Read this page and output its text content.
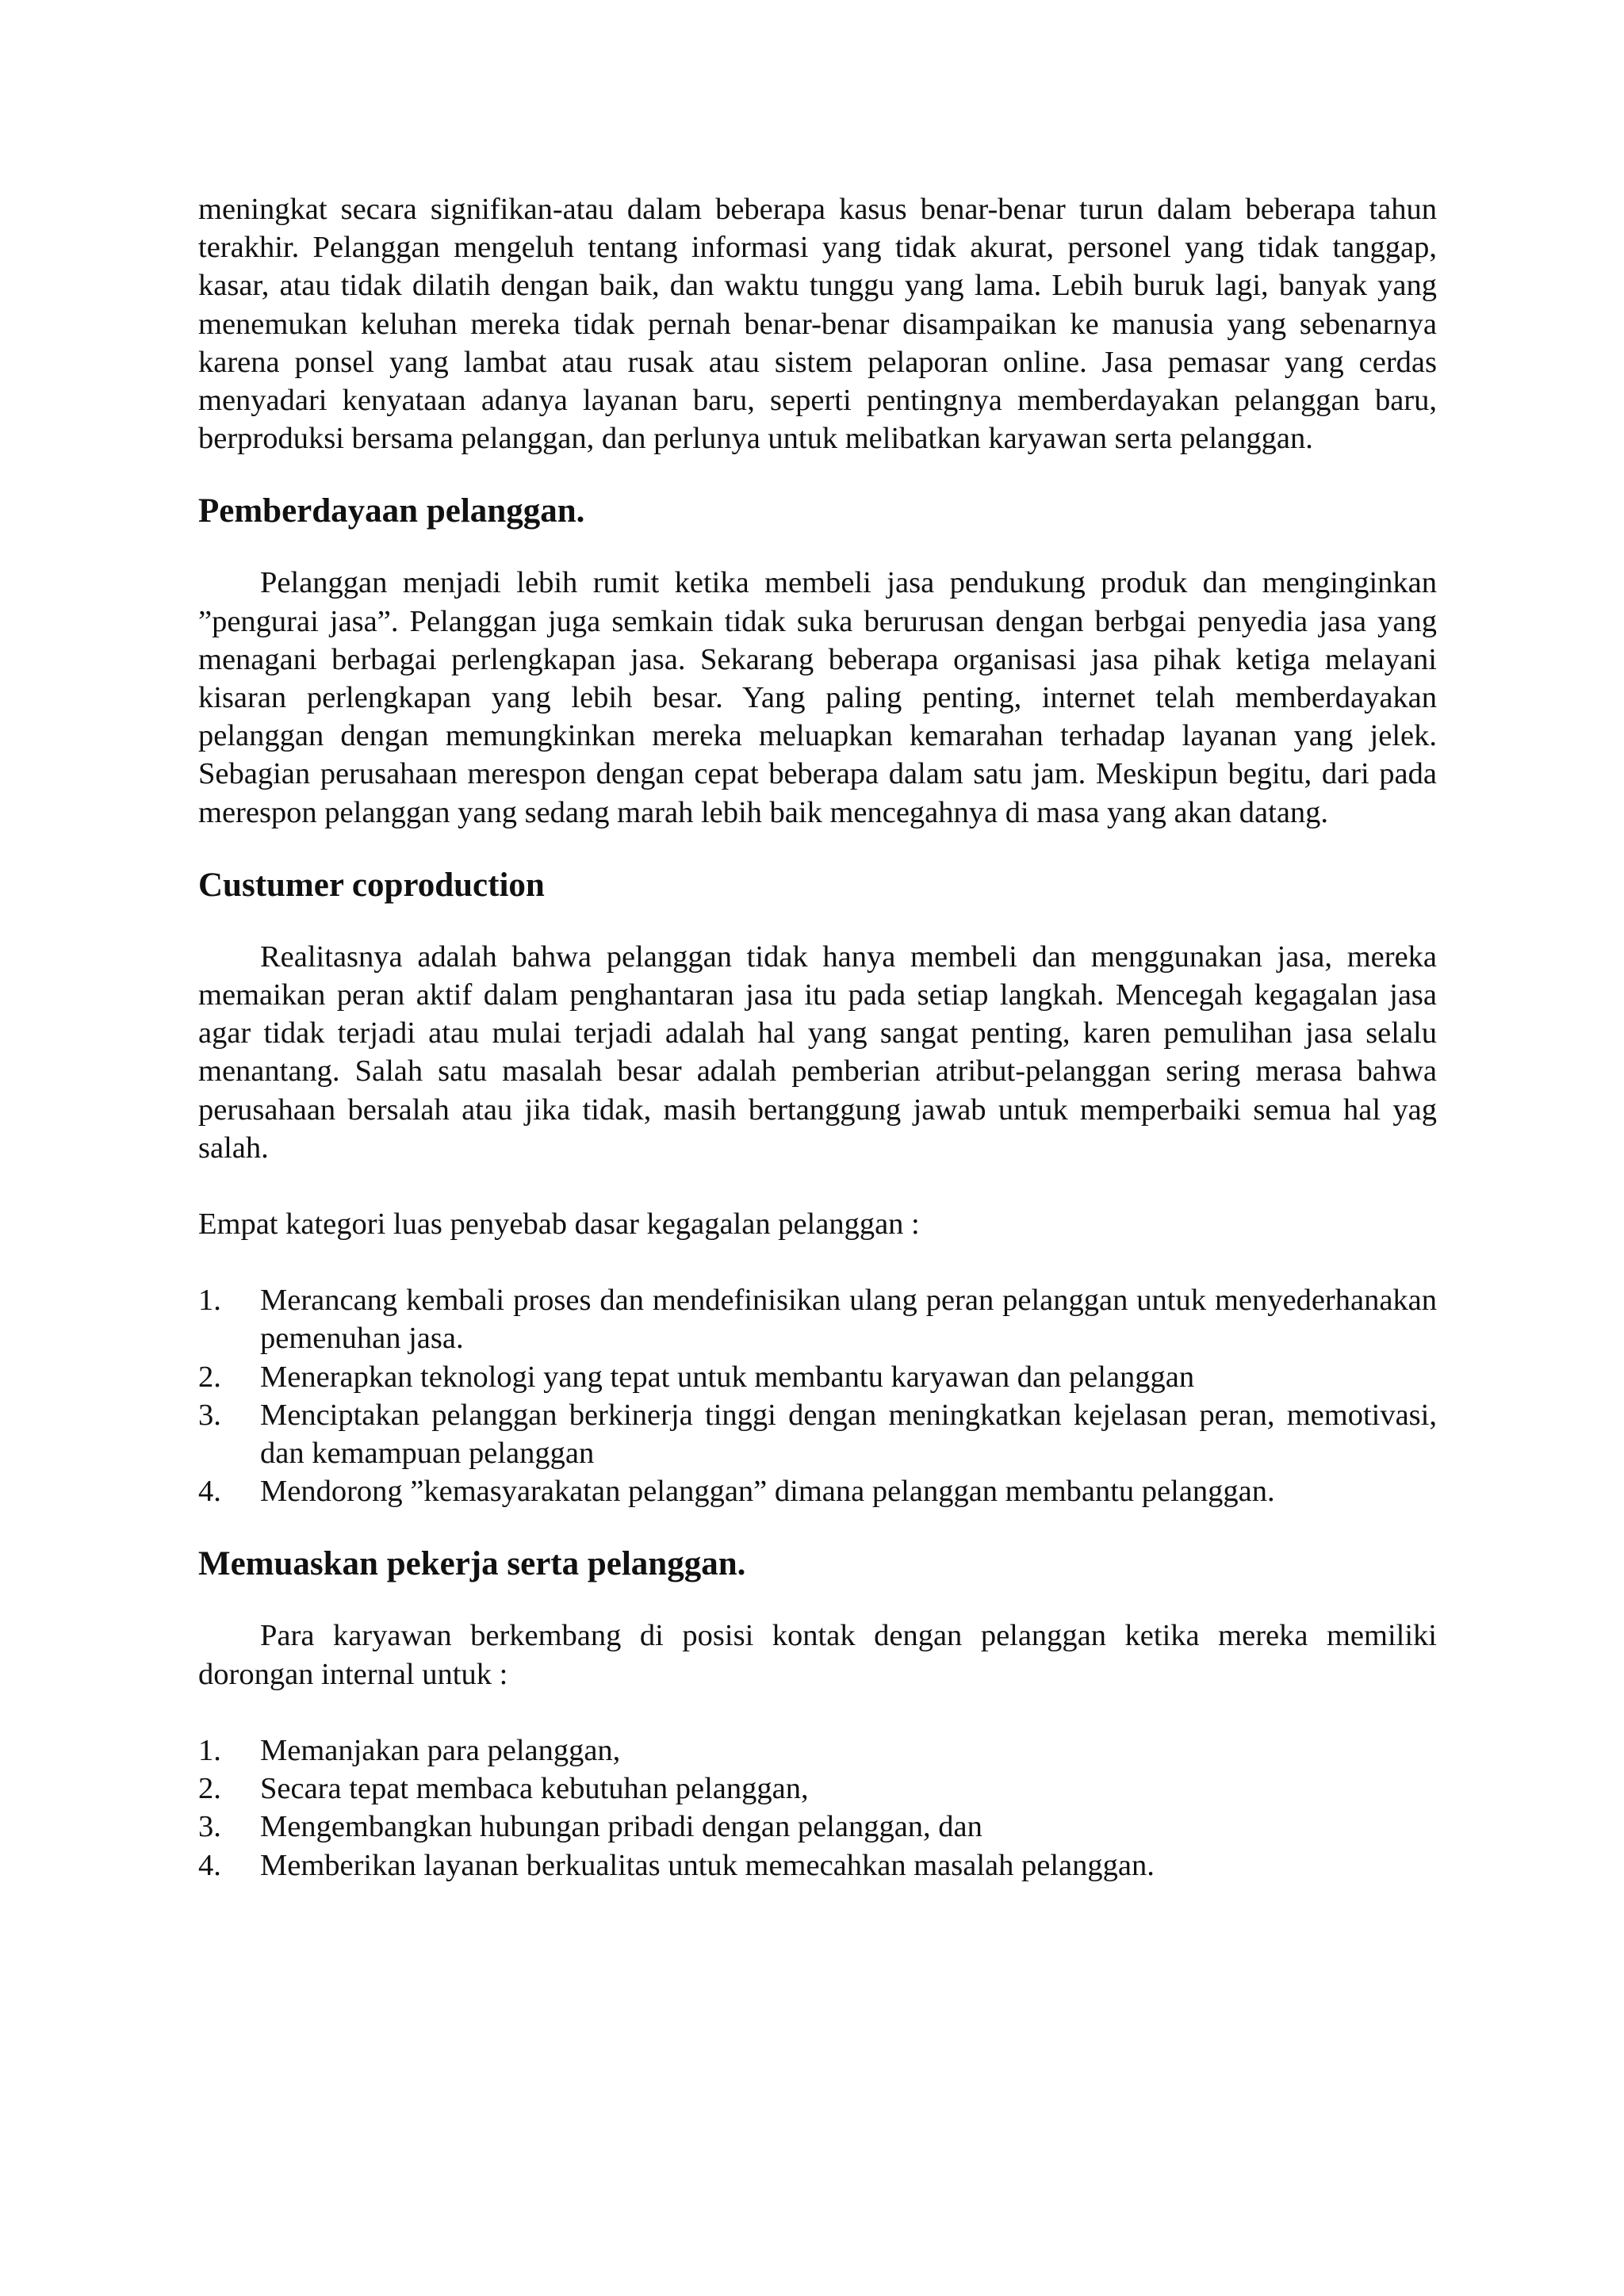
meningkat secara signifikan-atau dalam beberapa kasus benar-benar turun dalam beberapa tahun terakhir. Pelanggan mengeluh tentang informasi yang tidak akurat, personel yang tidak tanggap, kasar, atau tidak dilatih dengan baik, dan waktu tunggu yang lama. Lebih buruk lagi, banyak yang menemukan keluhan mereka tidak pernah benar-benar disampaikan ke manusia yang sebenarnya karena ponsel yang lambat atau rusak atau sistem pelaporan online. Jasa pemasar yang cerdas menyadari kenyataan adanya layanan baru, seperti pentingnya memberdayakan pelanggan baru, berproduksi bersama pelanggan, dan perlunya untuk melibatkan karyawan serta pelanggan.

Pemberdayaan pelanggan.

Pelanggan menjadi lebih rumit ketika membeli jasa pendukung produk dan menginginkan ”pengurai jasa”. Pelanggan juga semkain tidak suka berurusan dengan berbgai penyedia jasa yang menagani berbagai perlengkapan jasa. Sekarang beberapa organisasi jasa pihak ketiga melayani kisaran perlengkapan yang lebih besar. Yang paling penting, internet telah memberdayakan pelanggan dengan memungkinkan mereka meluapkan kemarahan terhadap layanan yang jelek. Sebagian perusahaan merespon dengan cepat beberapa dalam satu jam. Meskipun begitu, dari pada merespon pelanggan yang sedang marah lebih baik mencegahnya di masa yang akan datang.

Custumer coproduction

Realitasnya adalah bahwa pelanggan tidak hanya membeli dan menggunakan jasa, mereka memaikan peran aktif dalam penghantaran jasa itu pada setiap langkah. Mencegah kegagalan jasa agar tidak terjadi atau mulai terjadi adalah hal yang sangat penting, karen pemulihan jasa selalu menantang. Salah satu masalah besar adalah pemberian atribut-pelanggan sering merasa bahwa perusahaan bersalah atau jika tidak, masih bertanggung jawab untuk memperbaiki semua hal yag salah.

Empat kategori luas penyebab dasar kegagalan pelanggan :

1. Merancang kembali proses dan mendefinisikan ulang peran pelanggan untuk menyederhanakan pemenuhan jasa.
2. Menerapkan teknologi yang tepat untuk membantu karyawan dan pelanggan
3. Menciptakan pelanggan berkinerja tinggi dengan meningkatkan kejelasan peran, memotivasi, dan kemampuan pelanggan
4. Mendorong ”kemasyarakatan pelanggan” dimana pelanggan membantu pelanggan.
Memuaskan pekerja serta pelanggan.

Para karyawan berkembang di posisi kontak dengan pelanggan ketika mereka memiliki dorongan internal untuk :

1. Memanjakan para pelanggan,
2. Secara tepat membaca kebutuhan pelanggan,
3. Mengembangkan hubungan pribadi dengan pelanggan, dan
4. Memberikan layanan berkualitas untuk memecahkan masalah pelanggan.
